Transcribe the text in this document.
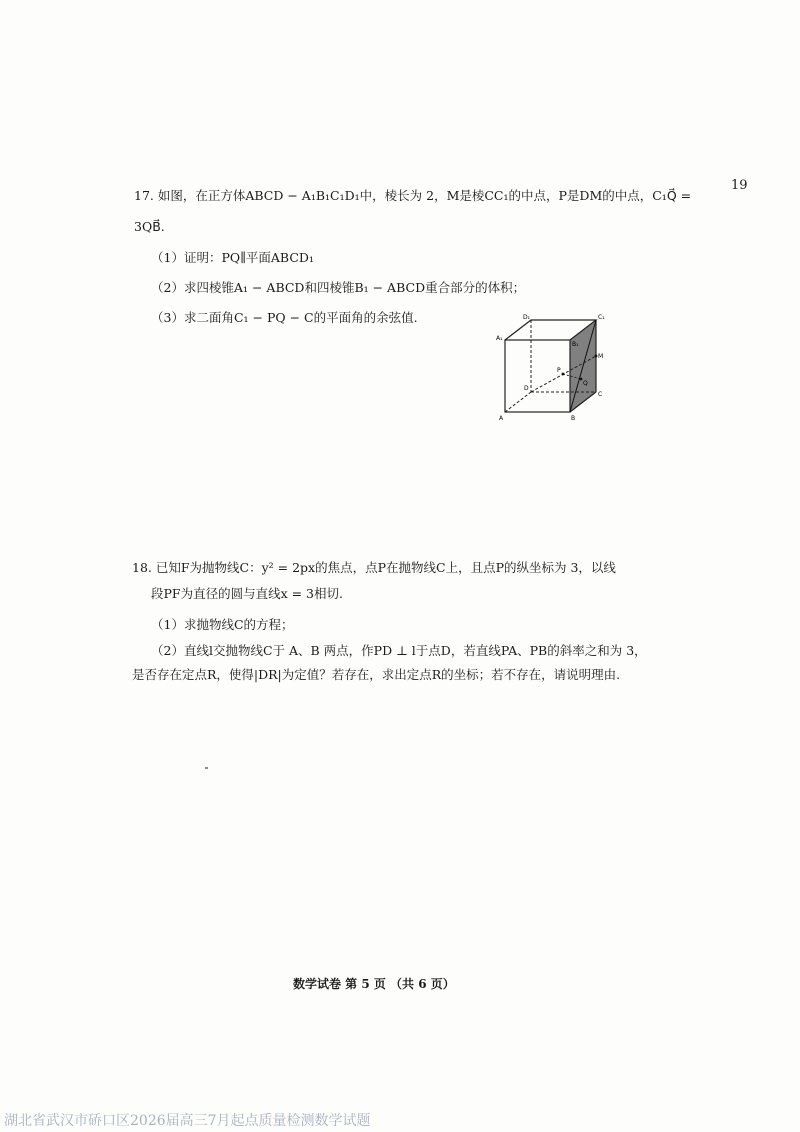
19
17. 如图，在正方体ABCD − A₁B₁C₁D₁中，棱长为 2，M是棱CC₁的中点，P是DM的中点，C₁Q⃗ =
3QB⃗.
（1）证明：PQ∥平面ABCD₁
（2）求四棱锥A₁ − ABCD和四棱锥B₁ − ABCD重合部分的体积；
（3）求二面角C₁ − PQ − C的平面角的余弦值.	D₁	C₁
A₁
B₁
M
P
Q
D
C
A	B
18. 已知F为抛物线C：y² = 2px的焦点，点P在抛物线C上，且点P的纵坐标为 3，以线
段PF为直径的圆与直线x = 3相切.
（1）求抛物线C的方程；
（2）直线l交抛物线C于 A、B 两点，作PD ⊥ l于点D，若直线PA、PB的斜率之和为 3，
是否存在定点R，使得|DR|为定值？若存在，求出定点R的坐标；若不存在，请说明理由.
数学试卷 第 5 页 （共 6 页）
湖北省武汉市硚口区2026届高三7月起点质量检测数学试题
